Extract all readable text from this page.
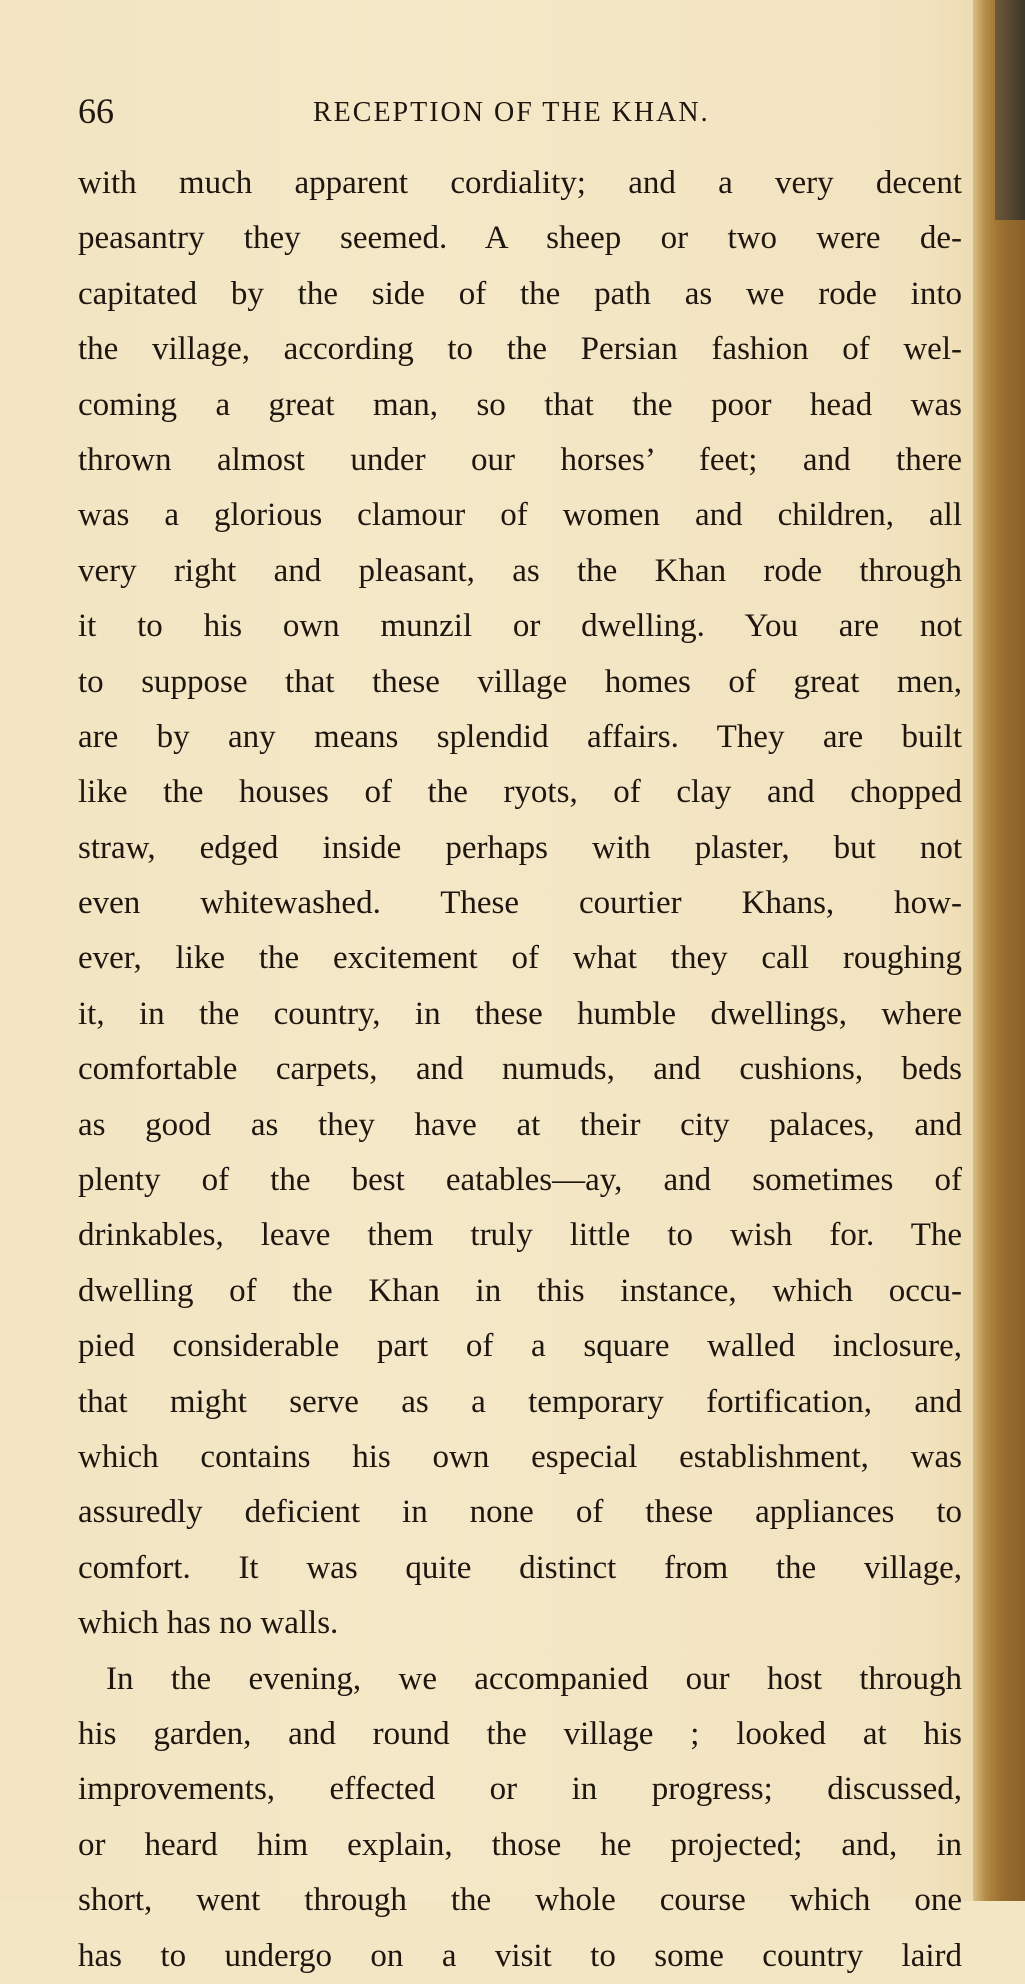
66	RECEPTION OF THE KHAN.
with much apparent cordiality; and a very decent
peasantry they seemed. A sheep or two were de-
capitated by the side of the path as we rode into
the village, according to the Persian fashion of wel-
coming a great man, so that the poor head was
thrown almost under our horses’ feet; and there
was a glorious clamour of women and children, all
very right and pleasant, as the Khan rode through
it to his own munzil or dwelling. You are not
to suppose that these village homes of great men,
are by any means splendid affairs. They are built
like the houses of the ryots, of clay and chopped
straw, edged inside perhaps with plaster, but not
even whitewashed. These courtier Khans, how-
ever, like the excitement of what they call roughing
it, in the country, in these humble dwellings, where
comfortable carpets, and numuds, and cushions, beds
as good as they have at their city palaces, and
plenty of the best eatables—ay, and sometimes of
drinkables, leave them truly little to wish for. The
dwelling of the Khan in this instance, which occu-
pied considerable part of a square walled inclosure,
that might serve as a temporary fortification, and
which contains his own especial establishment, was
assuredly deficient in none of these appliances to
comfort. It was quite distinct from the village,
which has no walls.
In the evening, we accompanied our host through
his garden, and round the village ; looked at his
improvements, effected or in progress; discussed,
or heard him explain, those he projected; and, in
short, went through the whole course which one
has to undergo on a visit to some country laird
